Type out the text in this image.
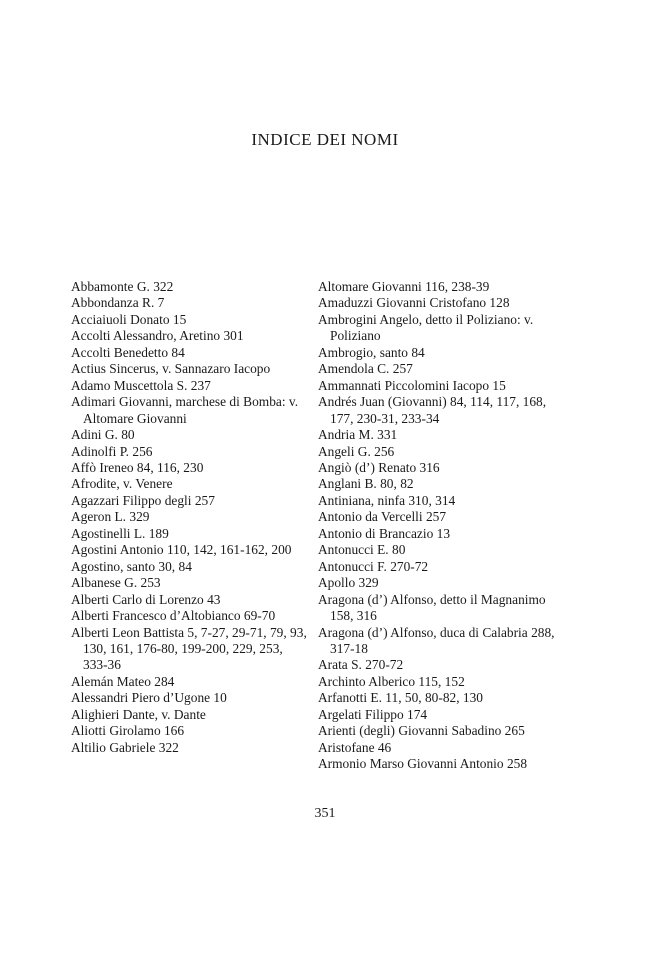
INDICE DEI NOMI

Abbamonte G. 322

Abbondanza R. 7

Acciaiuoli Donato 15

Accolti Alessandro, Aretino 301

Accolti Benedetto 84

Actius Sincerus, v. Sannazaro Iacopo

Adamo Muscettola S. 237

Adimari Giovanni, marchese di Bomba: v. Altomare Giovanni

Adini G. 80

Adinolfi P. 256

Affò Ireneo 84, 116, 230

Afrodite, v. Venere

Agazzari Filippo degli 257

Ageron L. 329

Agostinelli L. 189

Agostini Antonio 110, 142, 161-162, 200

Agostino, santo 30, 84

Albanese G. 253

Alberti Carlo di Lorenzo 43

Alberti Francesco d’Altobianco 69-70

Alberti Leon Battista 5, 7-27, 29-71, 79, 93, 130, 161, 176-80, 199-200, 229, 253, 333-36

Alemán Mateo 284

Alessandri Piero d’Ugone 10

Alighieri Dante, v. Dante

Aliotti Girolamo 166

Altilio Gabriele 322

Altomare Giovanni 116, 238-39

Amaduzzi Giovanni Cristofano 128

Ambrogini Angelo, detto il Poliziano: v. Poliziano

Ambrogio, santo 84

Amendola C. 257

Ammannati Piccolomini Iacopo 15

Andrés Juan (Giovanni) 84, 114, 117, 168, 177, 230-31, 233-34

Andria M. 331

Angeli G. 256

Angiò (d’) Renato 316

Anglani B. 80, 82

Antiniana, ninfa 310, 314

Antonio da Vercelli 257

Antonio di Brancazio 13

Antonucci E. 80

Antonucci F. 270-72

Apollo 329

Aragona (d’) Alfonso, detto il Magnanimo 158, 316

Aragona (d’) Alfonso, duca di Calabria 288, 317-18

Arata S. 270-72

Archinto Alberico 115, 152

Arfanotti E. 11, 50, 80-82, 130

Argelati Filippo 174

Arienti (degli) Giovanni Sabadino 265

Aristofane 46

Armonio Marso Giovanni Antonio 258

351
